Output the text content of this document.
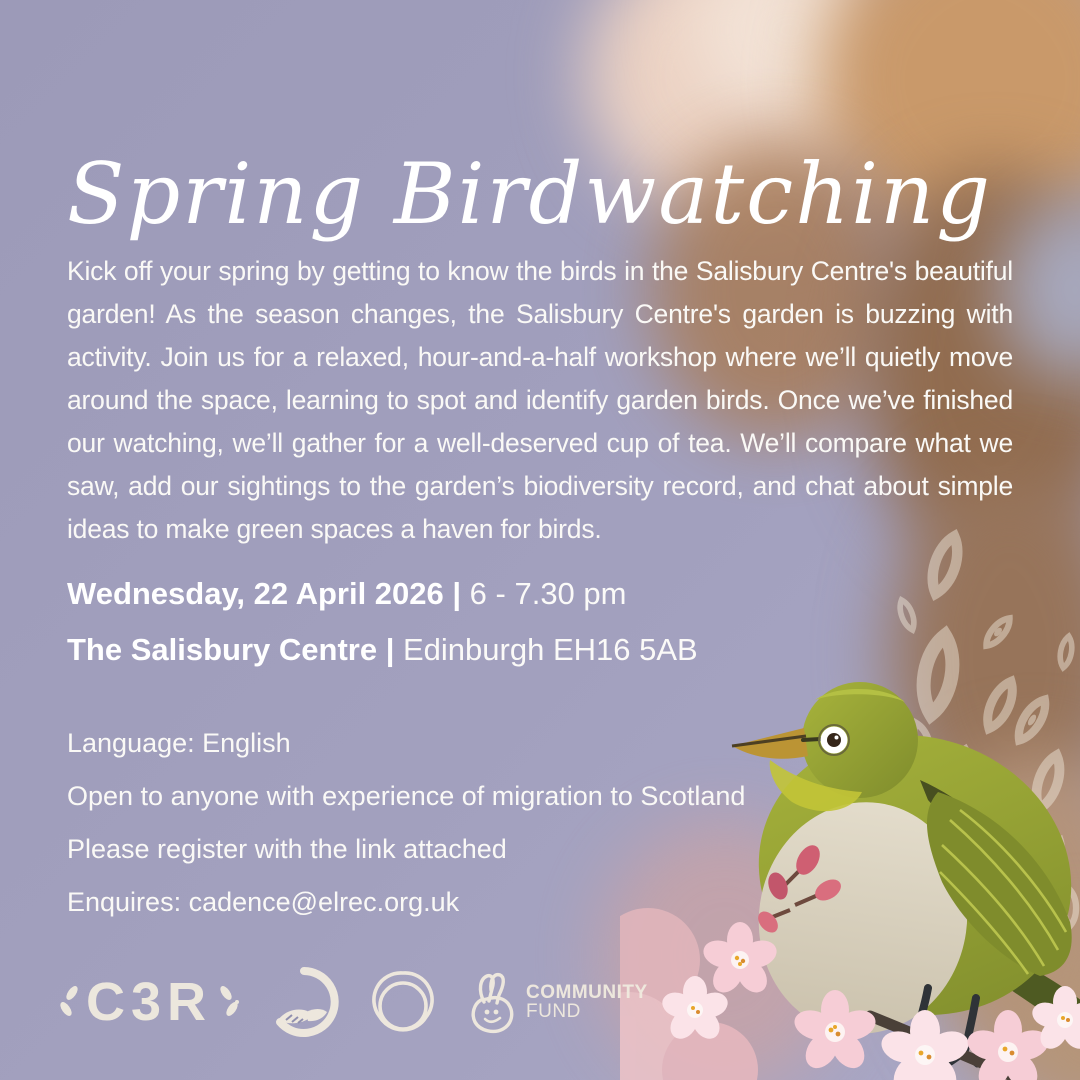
Spring Birdwatching

Kick off your spring by getting to know the birds in the Salisbury Centre's beautiful garden! As the season changes, the Salisbury Centre's garden is buzzing with activity. Join us for a relaxed, hour-and-a-half workshop where we’ll quietly move around the space, learning to spot and identify garden birds. Once we’ve finished our watching, we’ll gather for a well-deserved cup of tea. We’ll compare what we saw, add our sightings to the garden’s biodiversity record, and chat about simple ideas to make green spaces a haven for birds.

Wednesday, 22 April 2026 | 6 - 7.30 pm
The Salisbury Centre | Edinburgh EH16 5AB

Language: English

Open to anyone with experience of migration to Scotland

Please register with the link attached

Enquires: cadence@elrec.org.uk

C3R	COMMUNITY
FUND
